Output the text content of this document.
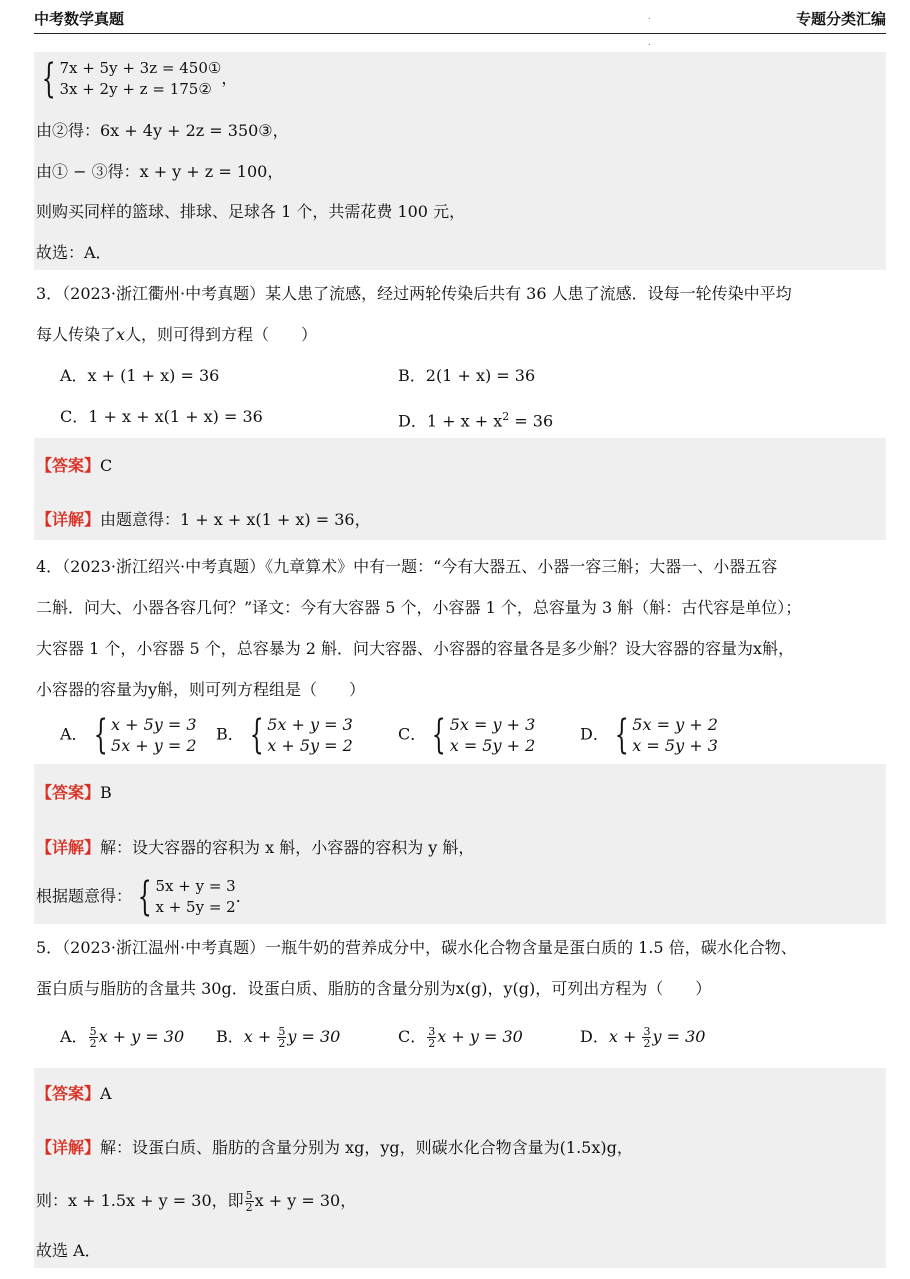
中考数学真题	专题分类汇编
.
.
{ 7x + 5y + 3z = 450①
3x + 2y + z = 175②
，
由②得：6x + 4y + 2z = 350③，
由① − ③得：x + y + z = 100，
则购买同样的篮球、排球、足球各 1 个，共需花费 100 元，
故选：A．
3．（2023·浙江衢州·中考真题）某人患了流感，经过两轮传染后共有 36 人患了流感．设每一轮传染中平均
每人传染了x人，则可得到方程（　　）
A．x + (1 + x) = 36	B．2(1 + x) = 36
C．1 + x + x(1 + x) = 36	D．$1 + x + x^2 = 36$
【答案】C
【详解】由题意得：1 + x + x(1 + x) = 36，
4．（2023·浙江绍兴·中考真题）《九章算术》中有一题：“今有大器五、小器一容三斛；大器一、小器五容
二斛．问大、小器各容几何？”译文：今有大容器 5 个，小容器 1 个，总容量为 3 斛（斛：古代容是单位）；
大容器 1 个，小容器 5 个，总容暴为 2 斛．问大容器、小容器的容量各是多少斛？设大容器的容量为x斛，
小容器的容量为y斛，则可列方程组是（　　）
A． { x + 5y = 3
5x + y = 2
B． { 5x + y = 3
x + 5y = 2
C． { 5x = y + 3
x = 5y + 2
D． { 5x = y + 2
x = 5y + 3
【答案】B
【详解】解：设大容器的容积为 x 斛，小容器的容积为 y 斛，
根据题意得： { 5x + y = 3
x + 5y = 2
．
5．（2023·浙江温州·中考真题）一瓶牛奶的营养成分中，碳水化合物含量是蛋白质的 1.5 倍，碳水化合物、
蛋白质与脂肪的含量共 30g．设蛋白质、脂肪的含量分别为x(g)，y(g)，可列出方程为（　　）
A． $\frac{5}{2}$ x + y = 30 B．$x + \frac{5}{2}$ y = 30	C． $\frac{3}{2}$ x + y = 30	D．$x + \frac{3}{2}$ y = 30
【答案】A
【详解】解：设蛋白质、脂肪的含量分别为 xg，yg，则碳水化合物含量为(1.5x)g，
则：x + 1.5x + y = 30，即 $\frac{5}{2}$ x + y = 30，
故选 A．
